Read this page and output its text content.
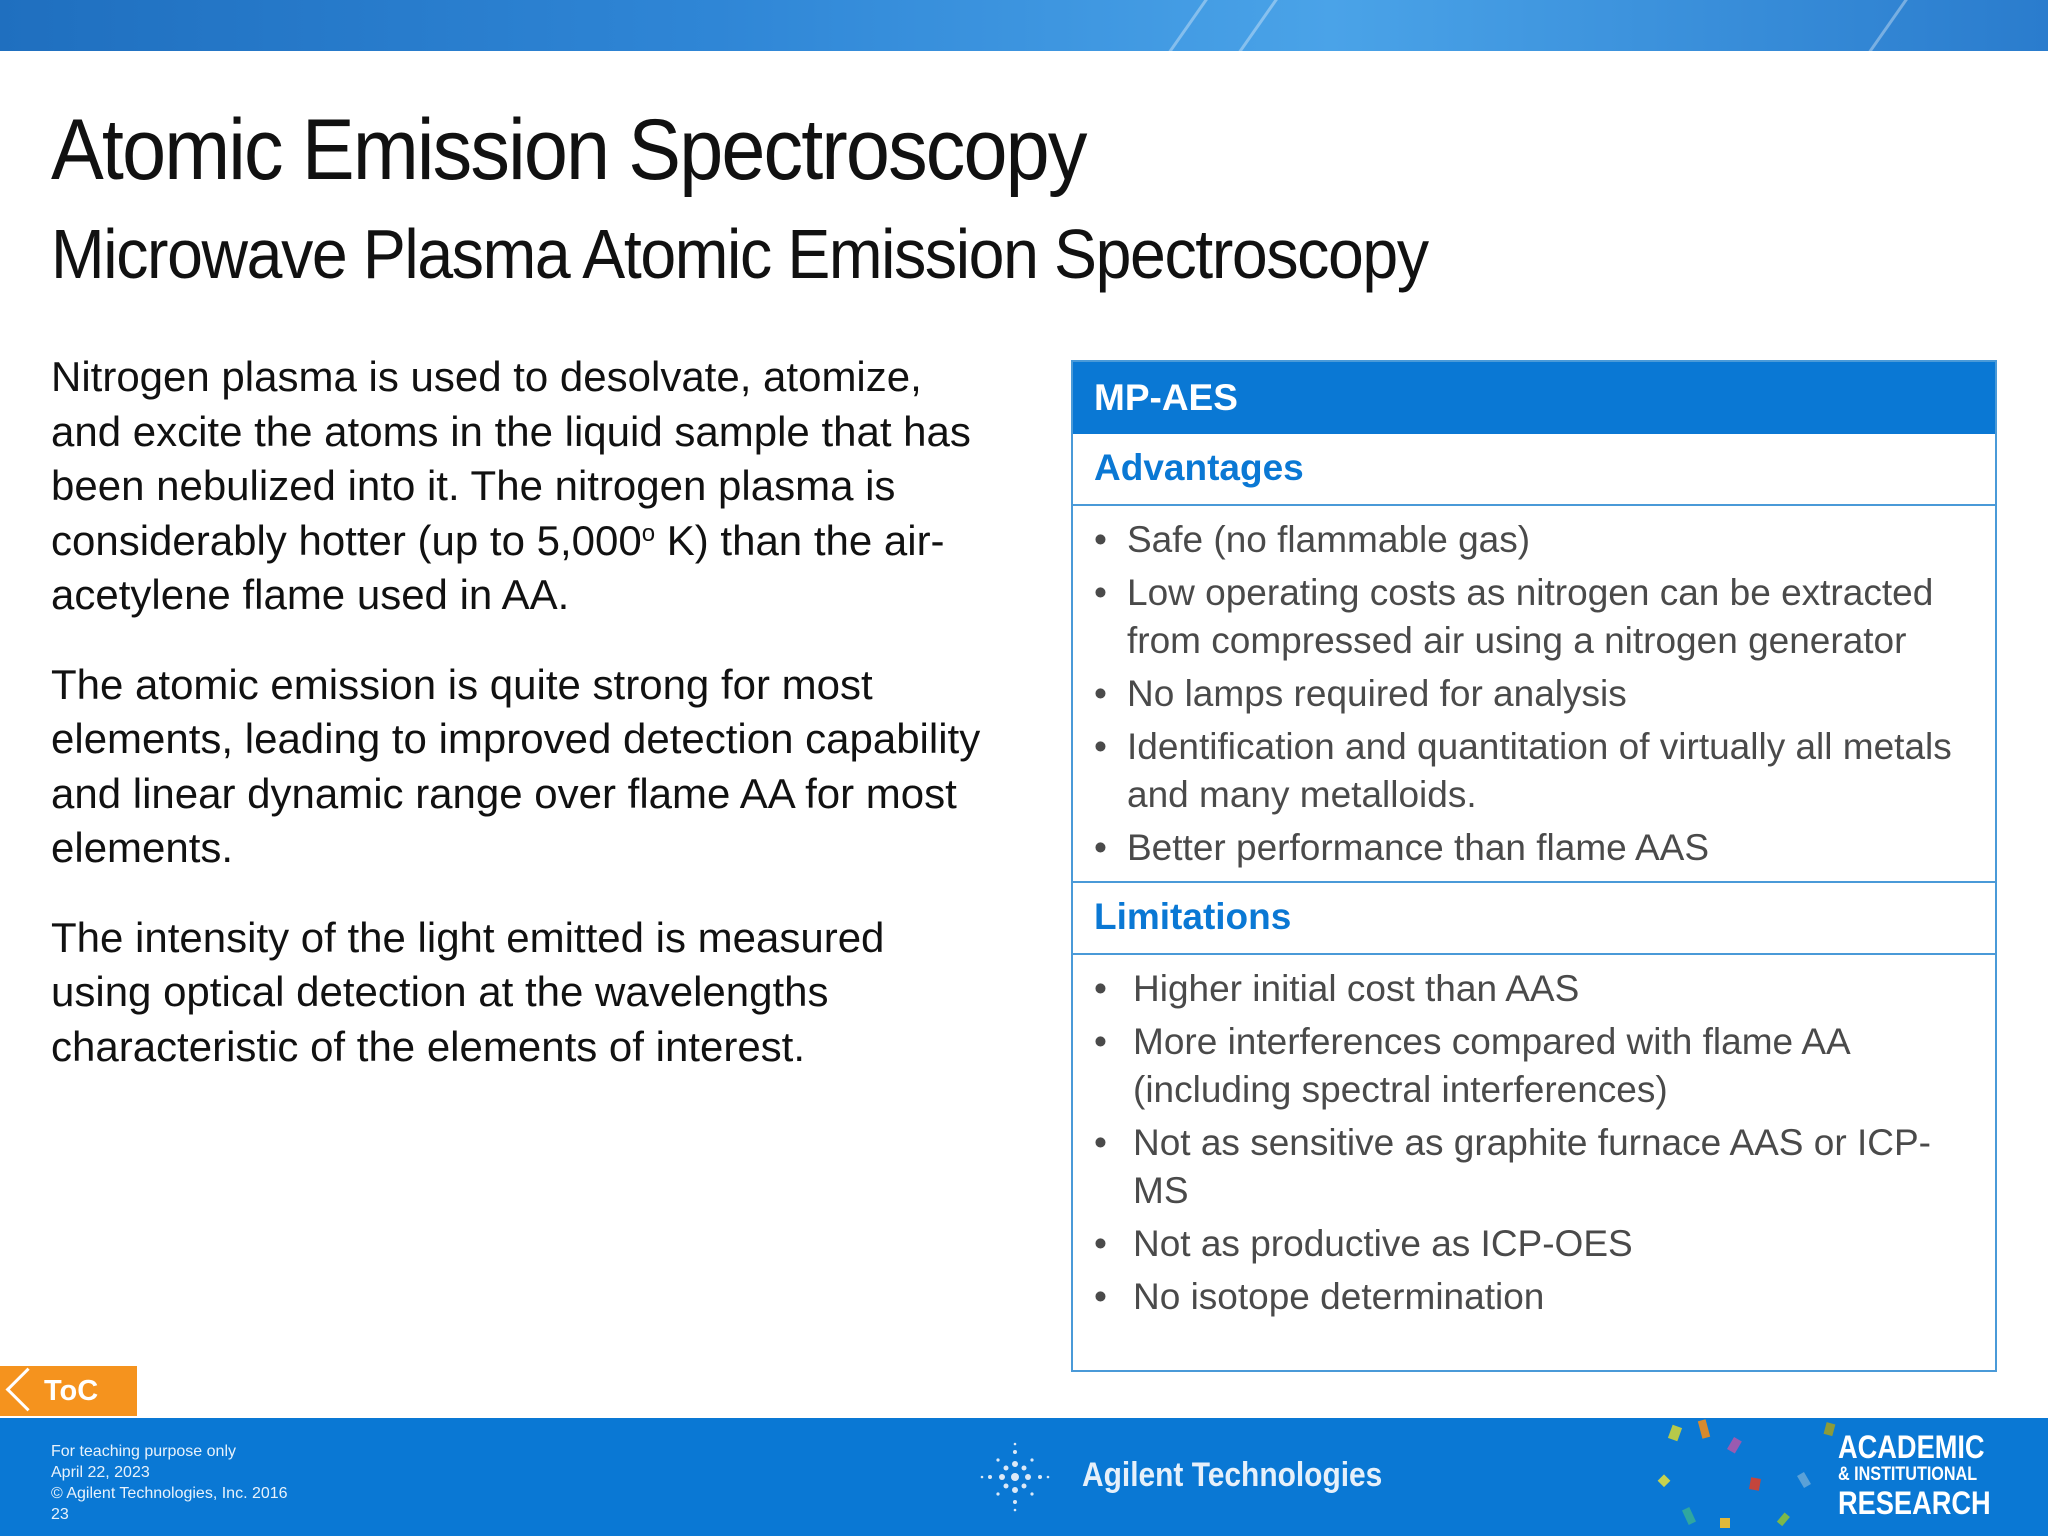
Atomic Emission Spectroscopy
Microwave Plasma Atomic Emission Spectroscopy

Nitrogen plasma is used to desolvate, atomize, and excite the atoms in the liquid sample that has been nebulized into it. The nitrogen plasma is considerably hotter (up to 5,000$^o$ K) than the air-acetylene flame used in AA.

The atomic emission is quite strong for most elements, leading to improved detection capability and linear dynamic range over flame AA for most elements.

The intensity of the light emitted is measured using optical detection at the wavelengths characteristic of the elements of interest.

MP-AES
Advantages
• Safe (no flammable gas)
• Low operating costs as nitrogen can be extracted from compressed air using a nitrogen generator
• No lamps required for analysis
• Identification and quantitation of virtually all metals and many metalloids.
• Better performance than flame AAS
Limitations
• Higher initial cost than AAS
• More interferences compared with flame AA (including spectral interferences)
• Not as sensitive as graphite furnace AAS or ICP-MS
• Not as productive as ICP-OES
• No isotope determination
ToC
For teaching purpose only
April 22, 2023
© Agilent Technologies, Inc. 2016
23
Agilent Technologies
ACADEMIC
& INSTITUTIONAL
RESEARCH
